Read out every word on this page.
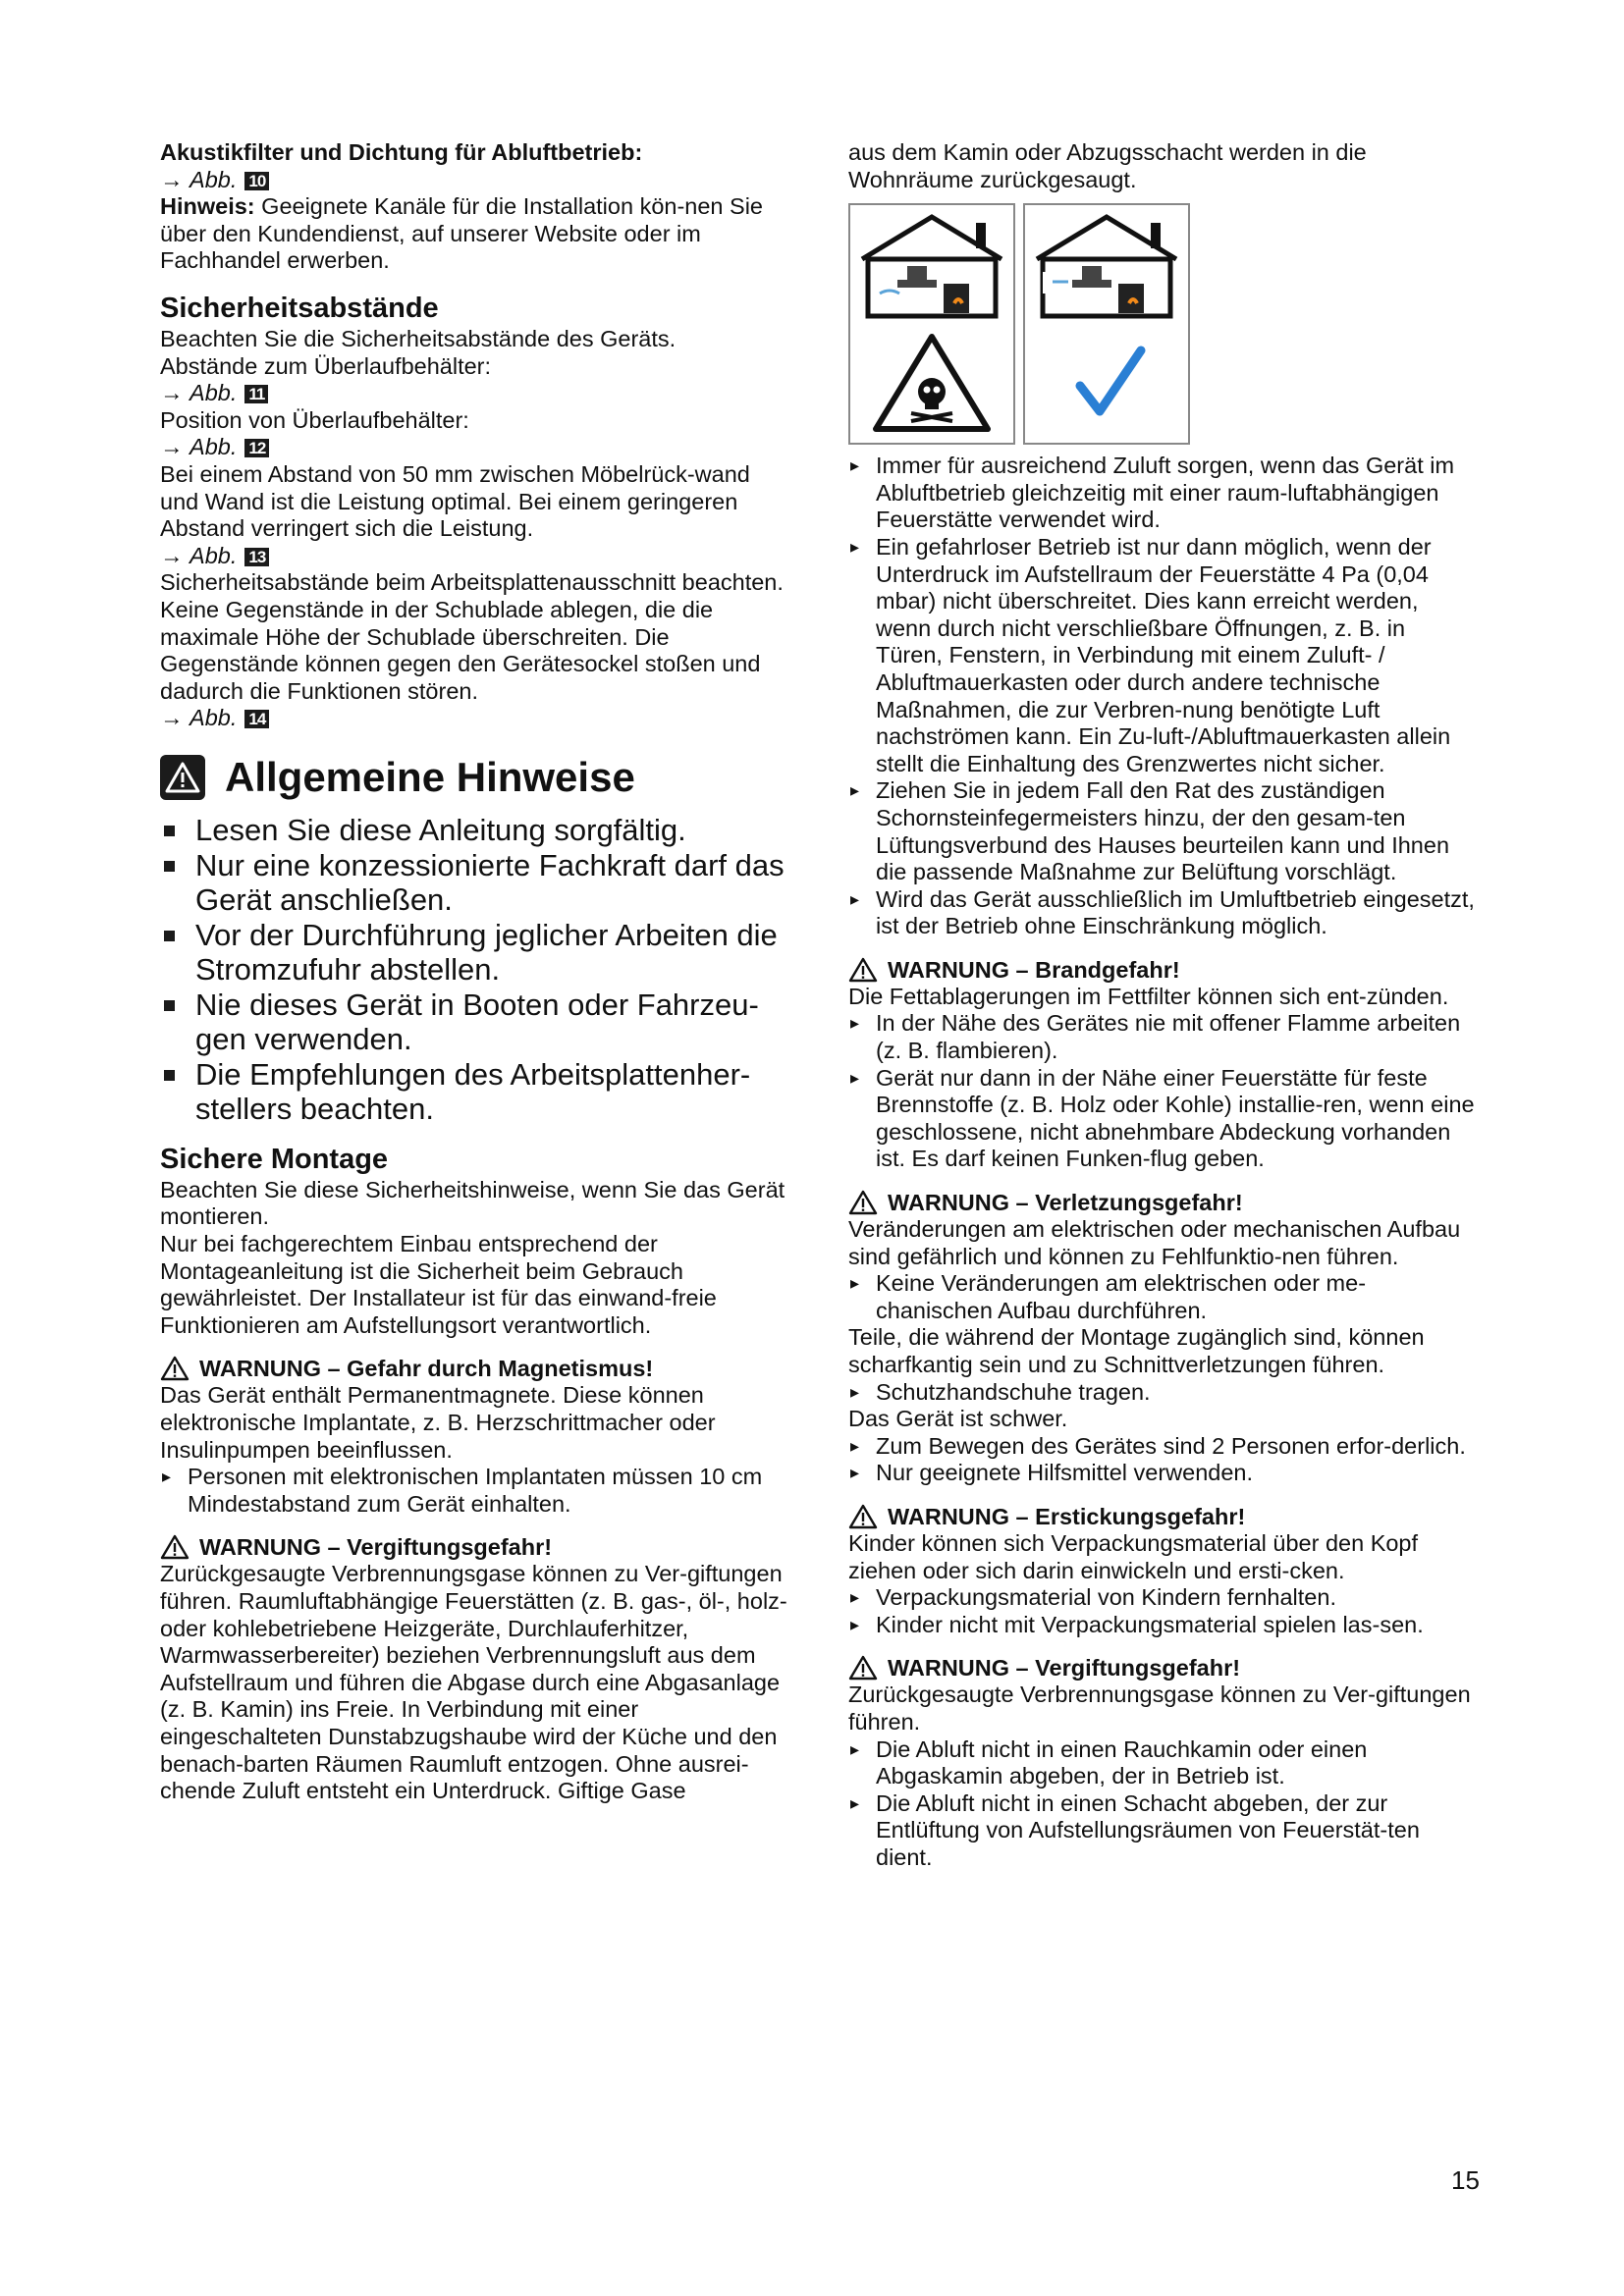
Akustikfilter und Dichtung für Abluftbetrieb:

→ Abb. 10

Hinweis: Geeignete Kanäle für die Installation kön-nen Sie über den Kundendienst, auf unserer Website oder im Fachhandel erwerben.

Sicherheitsabstände

Beachten Sie die Sicherheitsabstände des Geräts.

Abstände zum Überlaufbehälter:

→ Abb. 11

Position von Überlaufbehälter:

→ Abb. 12

Bei einem Abstand von 50 mm zwischen Möbelrück-wand und Wand ist die Leistung optimal. Bei einem geringeren Abstand verringert sich die Leistung.

→ Abb. 13

Sicherheitsabstände beim Arbeitsplattenausschnitt beachten.

Keine Gegenstände in der Schublade ablegen, die die maximale Höhe der Schublade überschreiten. Die Gegenstände können gegen den Gerätesockel stoßen und dadurch die Funktionen stören.

→ Abb. 14

Allgemeine Hinweise
Lesen Sie diese Anleitung sorgfältig.
Nur eine konzessionierte Fachkraft darf das Gerät anschließen.
Vor der Durchführung jeglicher Arbeiten die Stromzufuhr abstellen.
Nie dieses Gerät in Booten oder Fahrzeu-gen verwenden.
Die Empfehlungen des Arbeitsplattenher-stellers beachten.
Sichere Montage

Beachten Sie diese Sicherheitshinweise, wenn Sie das Gerät montieren.

Nur bei fachgerechtem Einbau entsprechend der Montageanleitung ist die Sicherheit beim Gebrauch gewährleistet. Der Installateur ist für das einwand-freie Funktionieren am Aufstellungsort verantwortlich.

WARNUNG – Gefahr durch Magnetismus!

Das Gerät enthält Permanentmagnete. Diese können elektronische Implantate, z. B. Herzschrittmacher oder Insulinpumpen beeinflussen.

▸ Personen mit elektronischen Implantaten müssen 10 cm Mindestabstand zum Gerät einhalten.
WARNUNG – Vergiftungsgefahr!

Zurückgesaugte Verbrennungsgase können zu Ver-giftungen führen. Raumluftabhängige Feuerstätten (z. B. gas-, öl-, holz- oder kohlebetriebene Heizgeräte, Durchlauferhitzer, Warmwasserbereiter) beziehen Verbrennungsluft aus dem Aufstellraum und führen die Abgase durch eine Abgasanlage (z. B. Kamin) ins Freie. In Verbindung mit einer eingeschalteten Dunstabzugshaube wird der Küche und den benach-barten Räumen Raumluft entzogen. Ohne ausrei-chende Zuluft entsteht ein Unterdruck. Giftige Gase

aus dem Kamin oder Abzugsschacht werden in die Wohnräume zurückgesaugt.

▸ Immer für ausreichend Zuluft sorgen, wenn das Gerät im Abluftbetrieb gleichzeitig mit einer raum-luftabhängigen Feuerstätte verwendet wird.
▸ Ein gefahrloser Betrieb ist nur dann möglich, wenn der Unterdruck im Aufstellraum der Feuerstätte 4 Pa (0,04 mbar) nicht überschreitet. Dies kann erreicht werden, wenn durch nicht verschließbare Öffnungen, z. B. in Türen, Fenstern, in Verbindung mit einem Zuluft- / Abluftmauerkasten oder durch andere technische Maßnahmen, die zur Verbren-nung benötigte Luft nachströmen kann. Ein Zu-luft-/Abluftmauerkasten allein stellt die Einhaltung des Grenzwertes nicht sicher.
▸ Ziehen Sie in jedem Fall den Rat des zuständigen Schornsteinfegermeisters hinzu, der den gesam-ten Lüftungsverbund des Hauses beurteilen kann und Ihnen die passende Maßnahme zur Belüftung vorschlägt.
▸ Wird das Gerät ausschließlich im Umluftbetrieb eingesetzt, ist der Betrieb ohne Einschränkung möglich.
WARNUNG – Brandgefahr!

Die Fettablagerungen im Fettfilter können sich ent-zünden.

▸ In der Nähe des Gerätes nie mit offener Flamme arbeiten (z. B. flambieren).
▸ Gerät nur dann in der Nähe einer Feuerstätte für feste Brennstoffe (z. B. Holz oder Kohle) installie-ren, wenn eine geschlossene, nicht abnehmbare Abdeckung vorhanden ist. Es darf keinen Funken-flug geben.
WARNUNG – Verletzungsgefahr!

Veränderungen am elektrischen oder mechanischen Aufbau sind gefährlich und können zu Fehlfunktio-nen führen.

▸ Keine Veränderungen am elektrischen oder me-chanischen Aufbau durchführen.

Teile, die während der Montage zugänglich sind, können scharfkantig sein und zu Schnittverletzungen führen.

▸ Schutzhandschuhe tragen.

Das Gerät ist schwer.

▸ Zum Bewegen des Gerätes sind 2 Personen erfor-derlich.
▸ Nur geeignete Hilfsmittel verwenden.
WARNUNG – Erstickungsgefahr!

Kinder können sich Verpackungsmaterial über den Kopf ziehen oder sich darin einwickeln und ersti-cken.

▸ Verpackungsmaterial von Kindern fernhalten.
▸ Kinder nicht mit Verpackungsmaterial spielen las-sen.
WARNUNG – Vergiftungsgefahr!

Zurückgesaugte Verbrennungsgase können zu Ver-giftungen führen.

▸ Die Abluft nicht in einen Rauchkamin oder einen Abgaskamin abgeben, der in Betrieb ist.
▸ Die Abluft nicht in einen Schacht abgeben, der zur Entlüftung von Aufstellungsräumen von Feuerstät-ten dient.
15
